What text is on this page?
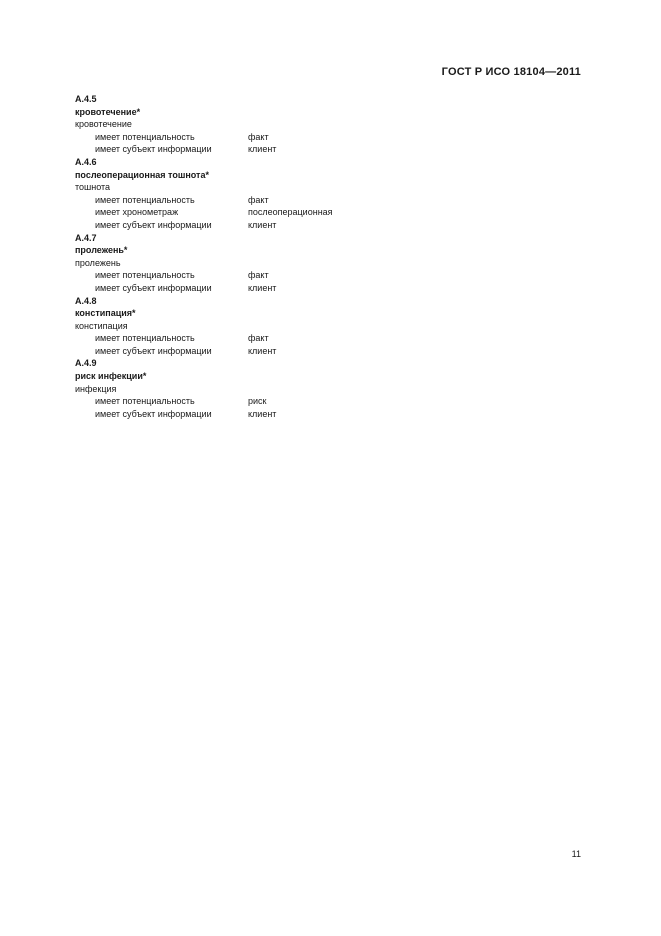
ГОСТ Р ИСО 18104—2011
А.4.5
кровотечение*
кровотечение
имеет потенциальность	факт
имеет субъект информации	клиент
А.4.6
послеоперационная тошнота*
тошнота
имеет потенциальность	факт
имеет хронометраж	послеоперационная
имеет субъект информации	клиент
А.4.7
пролежень*
пролежень
имеет потенциальность	факт
имеет субъект информации	клиент
А.4.8
констипация*
констипация
имеет потенциальность	факт
имеет субъект информации	клиент
А.4.9
риск инфекции*
инфекция
имеет потенциальность	риск
имеет субъект информации	клиент
11
